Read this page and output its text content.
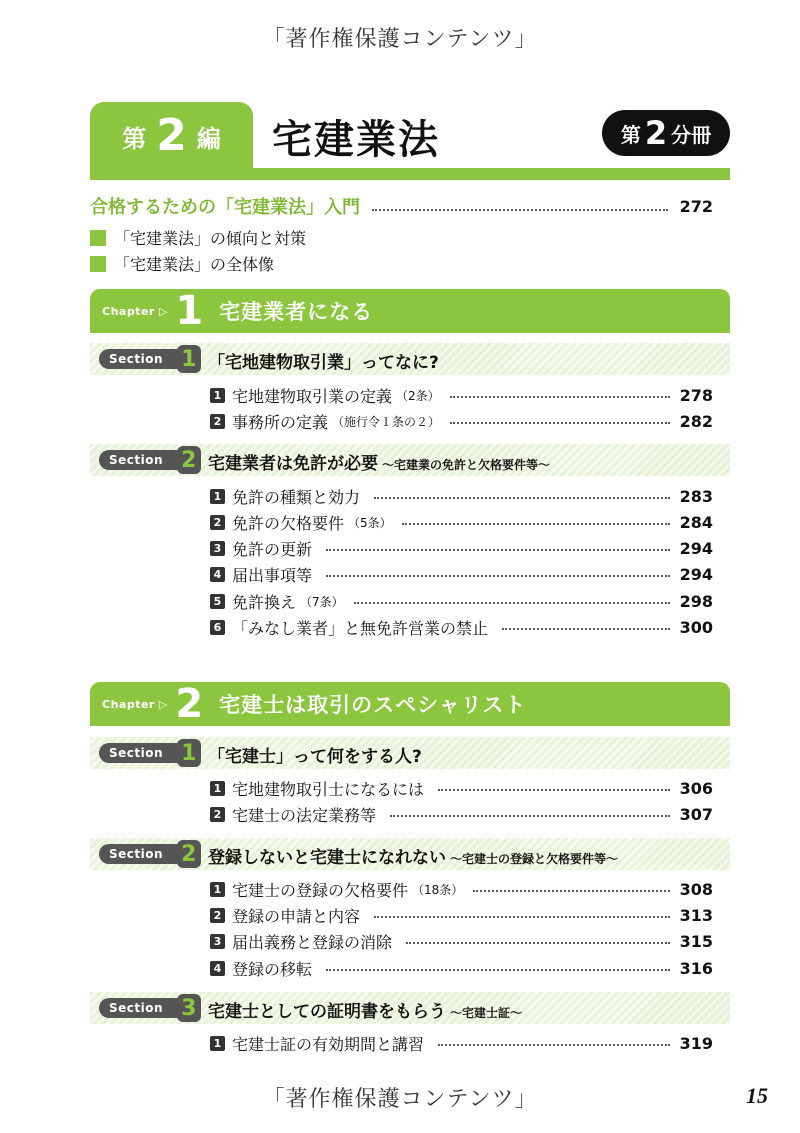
「著作権保護コンテンツ」
第 2 編 宅建業法	第 2 分冊
合格するための「宅建業法」入門	272
「宅建業法」の傾向と対策
「宅建業法」の全体像
Chapter ▷ 1 宅建業者になる
Section 1 「宅地建物取引業」ってなに?
1 宅地建物取引業の定義 （2条）	278
2 事務所の定義 （施行令１条の２）	282
Section 2 宅建業者は免許が必要 ～宅建業の免許と欠格要件等～
1 免許の種類と効力	283
2 免許の欠格要件 （5条）	284
3 免許の更新	294
4 届出事項等	294
5 免許換え （7条）	298
6 「みなし業者」と無免許営業の禁止	300
Chapter ▷ 2 宅建士は取引のスペシャリスト
Section 1 「宅建士」って何をする人?
1 宅地建物取引士になるには	306
2 宅建士の法定業務等	307
Section 2 登録しないと宅建士になれない ～宅建士の登録と欠格要件等～
1 宅建士の登録の欠格要件 （18条）	308
2 登録の申請と内容	313
3 届出義務と登録の消除	315
4 登録の移転	316
Section 3 宅建士としての証明書をもらう ～宅建士証～
1 宅建士証の有効期間と講習	319
「著作権保護コンテンツ」	15
